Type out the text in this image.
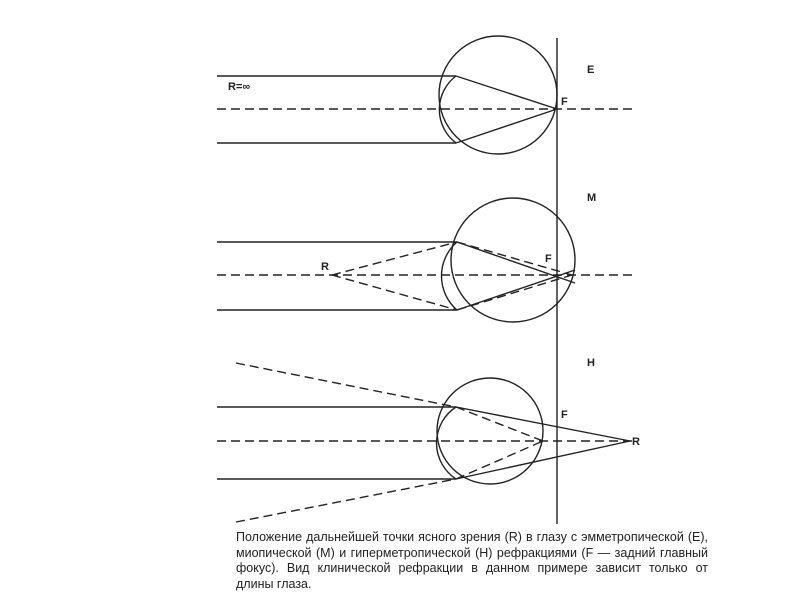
E
R=∞
F
M
R
F
H
F
R

Положение дальнейшей точки ясного зрения (R) в глазу с эмметропической (E), миопической (M) и гиперметропической (H) рефракциями (F — задний главный фокус). Вид клинической рефракции в данном примере зависит только от длины глаза.
